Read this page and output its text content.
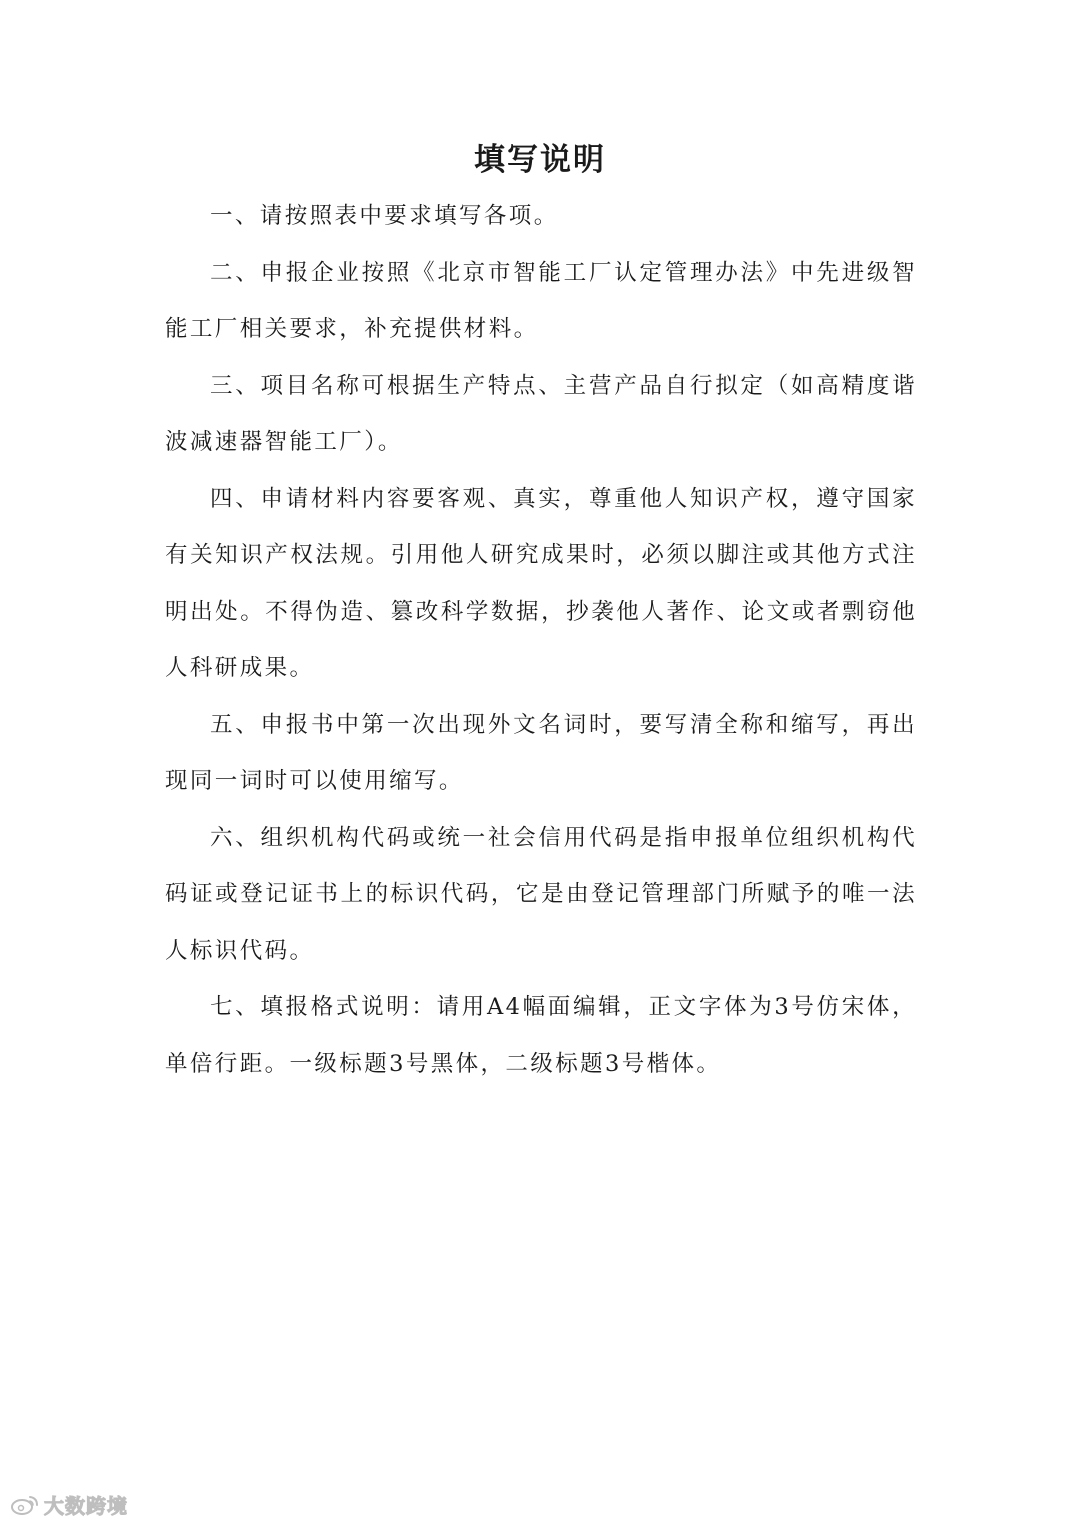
填写说明

一、请按照表中要求填写各项。

二、申报企业按照《北京市智能工厂认定管理办法》中先进级智能工厂相关要求，补充提供材料。

三、项目名称可根据生产特点、主营产品自行拟定（如高精度谐波减速器智能工厂）。

四、申请材料内容要客观、真实，尊重他人知识产权，遵守国家有关知识产权法规。引用他人研究成果时，必须以脚注或其他方式注明出处。不得伪造、篡改科学数据，抄袭他人著作、论文或者剽窃他人科研成果。

五、申报书中第一次出现外文名词时，要写清全称和缩写，再出现同一词时可以使用缩写。

六、组织机构代码或统一社会信用代码是指申报单位组织机构代码证或登记证书上的标识代码，它是由登记管理部门所赋予的唯一法人标识代码。

七、填报格式说明：请用A4幅面编辑，正文字体为3号仿宋体，单倍行距。一级标题3号黑体，二级标题3号楷体。

大数跨境
